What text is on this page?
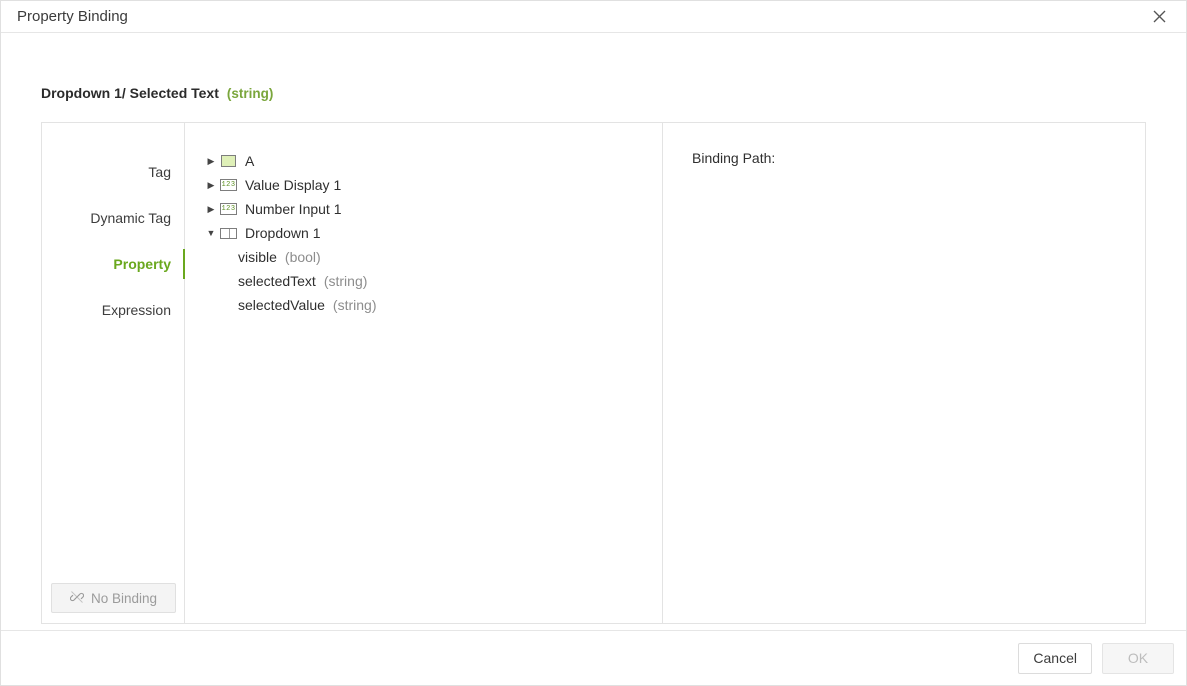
Property Binding
Dropdown 1/ Selected Text (string)
Tag
Dynamic Tag
Property
Expression
No Binding
▶	A
▶ 123 Value Display 1
▶ 123 Number Input 1
▼ Dropdown 1
visible (bool)
selectedText (string)
selectedValue (string)
Binding Path:
Cancel	OK
